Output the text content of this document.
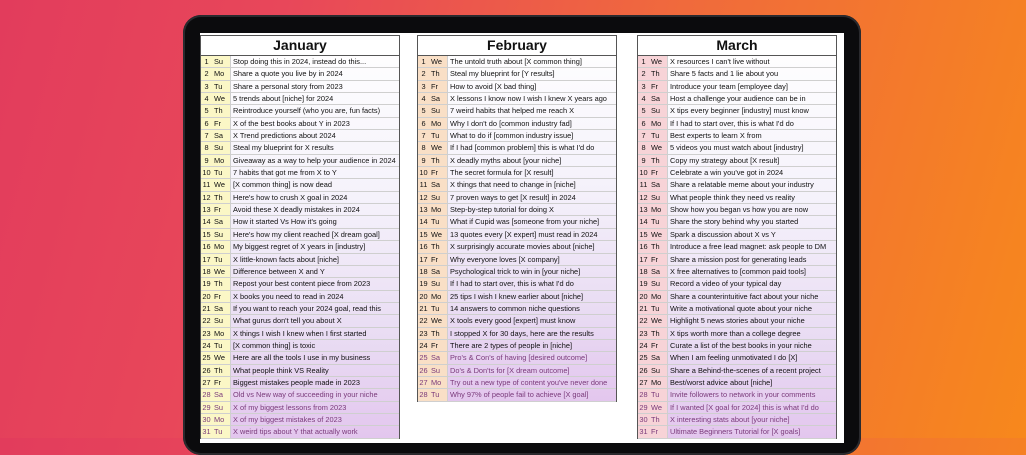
January
1 Su	Stop doing this in 2024, instead do this...
2 Mo	Share a quote you live by in 2024
3 Tu	Share a personal story from 2023
4 We	5 trends about [niche] for 2024
5 Th	Reintroduce yourself (who you are, fun facts)
6 Fr	X of the best books about Y in 2023
7 Sa	X Trend predictions about 2024
8 Su	Steal my blueprint for X results
9 Mo	Giveaway as a way to help your audience in 2024
10 Tu	7 habits that got me from X to Y
11 We	[X common thing] is now dead
12 Th	Here's how to crush X goal in 2024
13 Fr	Avoid these X deadly mistakes in 2024
14 Sa	How it started Vs How it's going
15 Su	Here's how my client reached [X dream goal]
16 Mo	My biggest regret of X years in [industry]
17 Tu	X little-known facts about [niche]
18 We	Difference between X and Y
19 Th	Repost your best content piece from 2023
20 Fr	X books you need to read in 2024
21 Sa	If you want to reach your 2024 goal, read this
22 Su	What gurus don't tell you about X
23 Mo	X things I wish I knew when I first started
24 Tu	[X common thing] is toxic
25 We	Here are all the tools I use in my business
26 Th	What people think VS Reality
27 Fr	Biggest mistakes people made in 2023
28 Sa	Old vs New way of succeeding in your niche
29 Su	X of my biggest lessons from 2023
30 Mo	X of my biggest mistakes of 2023
31 Tu	X weird tips about Y that actually work
February
1 We	The untold truth about [X common thing]
2 Th	Steal my blueprint for [Y results]
3 Fr	How to avoid [X bad thing]
4 Sa	X lessons I know now I wish I knew X years ago
5 Su	7 weird habits that helped me reach X
6 Mo	Why I don't do [common industry fad]
7 Tu	What to do if [common industry issue]
8 We	If I had [common problem] this is what I'd do
9 Th	X deadly myths about [your niche]
10 Fr	The secret formula for [X result]
11 Sa	X things that need to change in [niche]
12 Su	7 proven ways to get [X result] in 2024
13 Mo	Step-by-step tutorial for doing X
14 Tu	What if Cupid was [someone from your niche]
15 We	13 quotes every [X expert] must read in 2024
16 Th	X surprisingly accurate movies about [niche]
17 Fr	Why everyone loves [X company]
18 Sa	Psychological trick to win in [your niche]
19 Su	If I had to start over, this is what I'd do
20 Mo	25 tips I wish I knew earlier about [niche]
21 Tu	14 answers to common niche questions
22 We	X tools every good [expert] must know
23 Th	I stopped X for 30 days, here are the results
24 Fr	There are 2 types of people in [niche]
25 Sa	Pro's & Con's of having [desired outcome]
26 Su	Do's & Don'ts for [X dream outcome]
27 Mo	Try out a new type of content you've never done
28 Tu	Why 97% of people fail to achieve [X goal]
March
1 We	X resources I can't live without
2 Th	Share 5 facts and 1 lie about you
3 Fr	Introduce your team [employee day]
4 Sa	Host a challenge your audience can be in
5 Su	X tips every beginner [industry] must know
6 Mo	If I had to start over, this is what I'd do
7 Tu	Best experts to learn X from
8 We	5 videos you must watch about [industry]
9 Th	Copy my strategy about [X result]
10 Fr	Celebrate a win you've got in 2024
11 Sa	Share a relatable meme about your industry
12 Su	What people think they need vs reality
13 Mo	Show how you began vs how you are now
14 Tu	Share the story behind why you started
15 We	Spark a discussion about X vs Y
16 Th	Introduce a free lead magnet: ask people to DM
17 Fr	Share a mission post for generating leads
18 Sa	X free alternatives to [common paid tools]
19 Su	Record a video of your typical day
20 Mo	Share a counterintuitive fact about your niche
21 Tu	Write a motivational quote about your niche
22 We	Highlight 5 news stories about your niche
23 Th	X tips worth more than a college degree
24 Fr	Curate a list of the best books in your niche
25 Sa	When I am feeling unmotivated I do [X]
26 Su	Share a Behind-the-scenes of a recent project
27 Mo	Best/worst advice about [niche]
28 Tu	Invite followers to network in your comments
29 We	If I wanted [X goal for 2024] this is what I'd do
30 Th	X interesting stats about [your niche]
31 Fr	Ultimate Beginners Tutorial for [X goals]
